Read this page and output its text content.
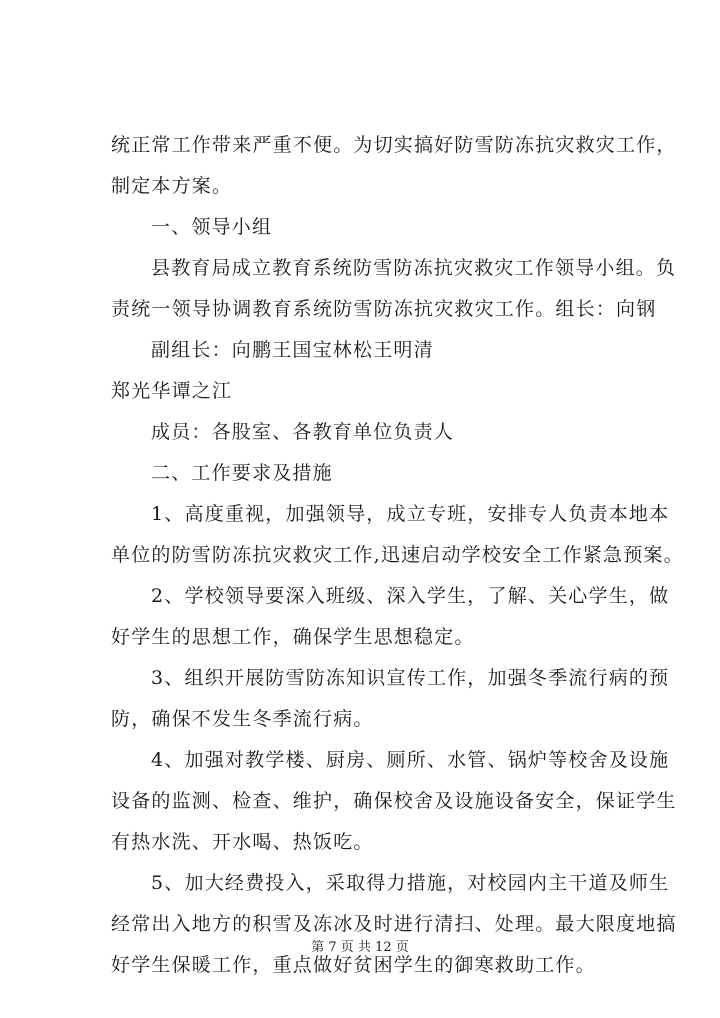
统正常工作带来严重不便。为切实搞好防雪防冻抗灾救灾工作，
制定本方案。
一、领导小组
县教育局成立教育系统防雪防冻抗灾救灾工作领导小组。负
责统一领导协调教育系统防雪防冻抗灾救灾工作。组长：向钢
副组长：向鹏王国宝林松王明清
郑光华谭之江
成员：各股室、各教育单位负责人
二、工作要求及措施
1、高度重视，加强领导，成立专班，安排专人负责本地本
单位的防雪防冻抗灾救灾工作,迅速启动学校安全工作紧急预案。
2、学校领导要深入班级、深入学生，了解、关心学生，做
好学生的思想工作，确保学生思想稳定。
3、组织开展防雪防冻知识宣传工作，加强冬季流行病的预
防，确保不发生冬季流行病。
4、加强对教学楼、厨房、厕所、水管、锅炉等校舍及设施
设备的监测、检查、维护，确保校舍及设施设备安全，保证学生
有热水洗、开水喝、热饭吃。
5、加大经费投入，采取得力措施，对校园内主干道及师生
经常出入地方的积雪及冻冰及时进行清扫、处理。最大限度地搞
好学生保暖工作，重点做好贫困学生的御寒救助工作。
第 7 页 共 12 页
